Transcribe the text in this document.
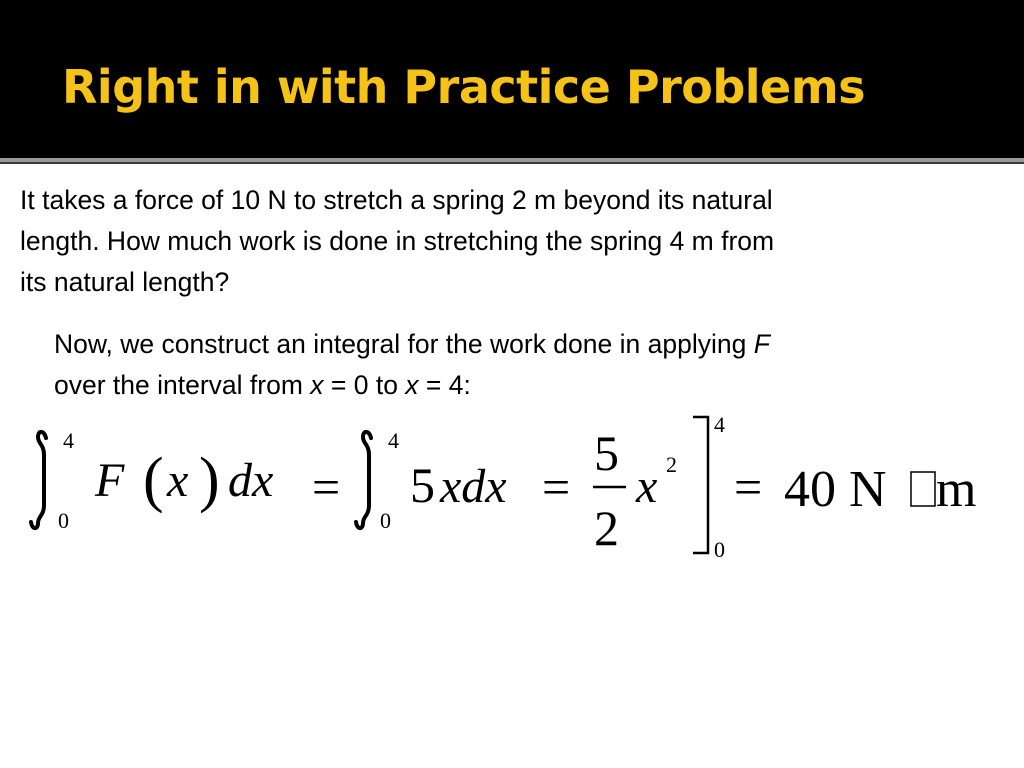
Right in with Practice Problems
It takes a force of 10 N to stretch a spring 2 m beyond its natural
length. How much work is done in stretching the spring 4 m from
its natural length?
Now, we construct an integral for the work done in applying F
over the interval from x = 0 to x = 4:
4
0
F ( x ) dx =
4
0
5 xdx =
5
2
x 2
4
0
= 40 N m
